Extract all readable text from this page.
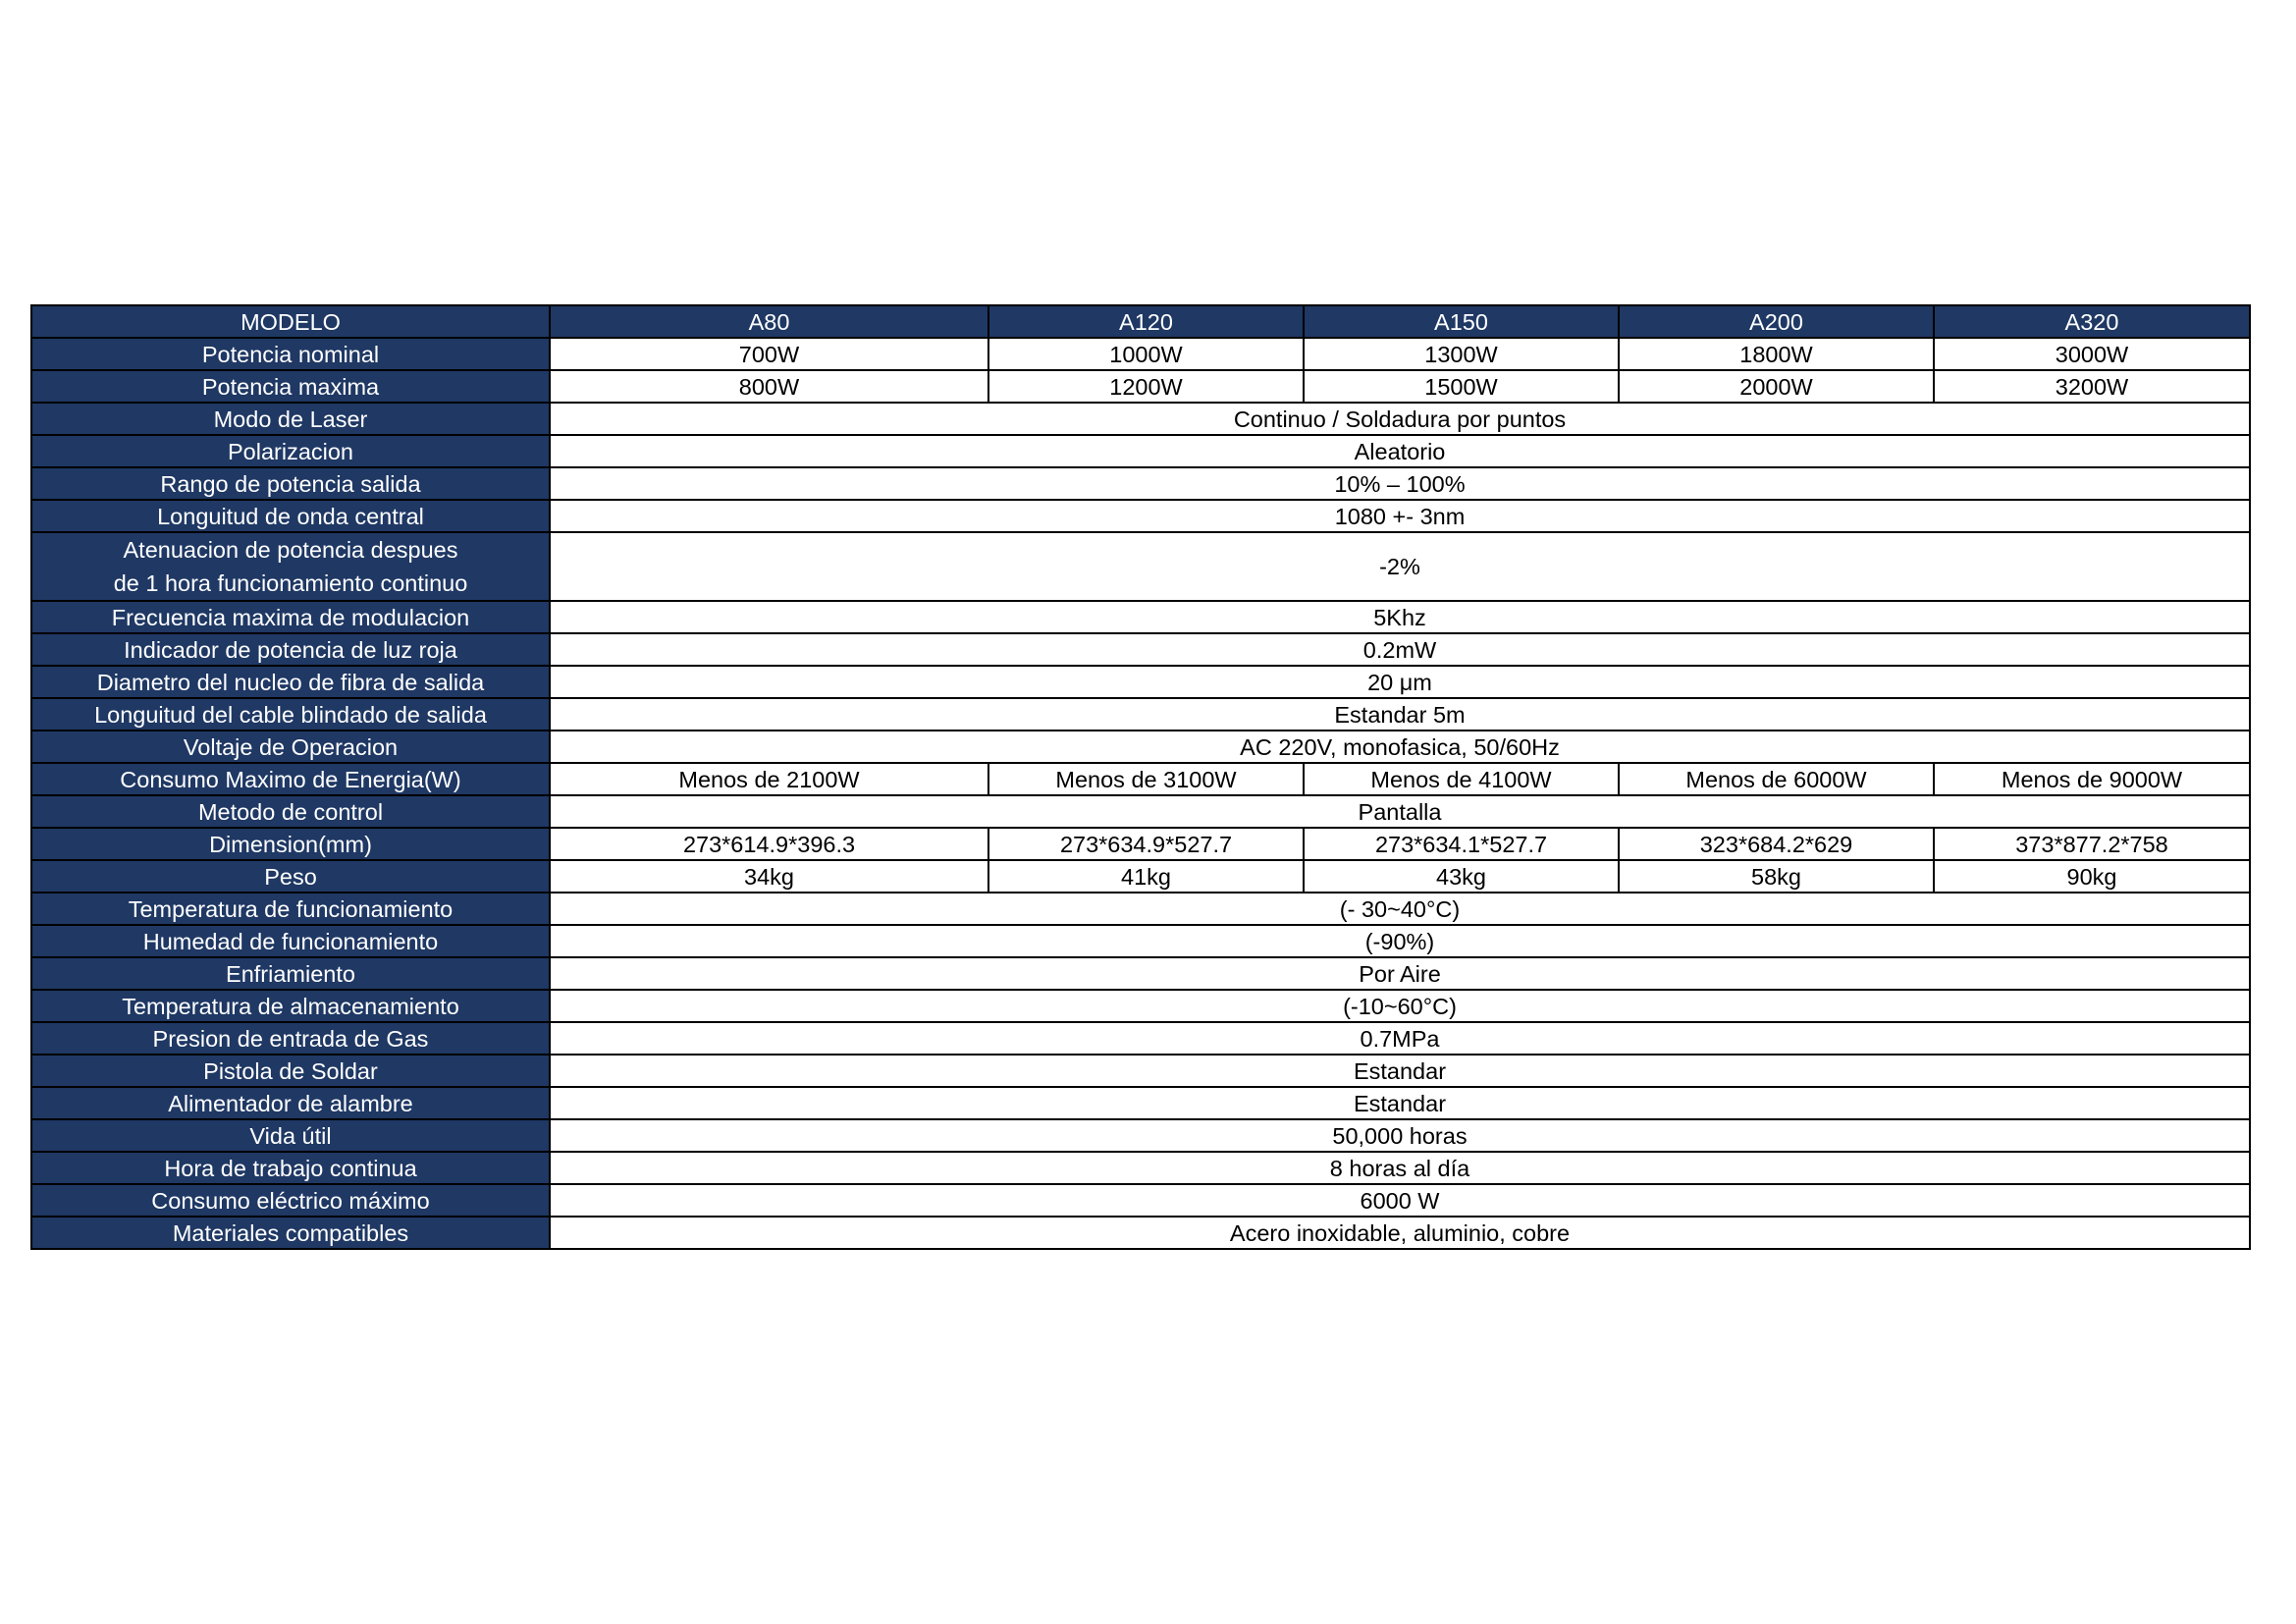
MODELO	A80	A120	A150	A200	A320
Potencia nominal	700W	1000W	1300W	1800W	3000W
Potencia maxima	800W	1200W	1500W	2000W	3200W
Modo de Laser	Continuo / Soldadura por puntos				
Polarizacion	Aleatorio				
Rango de potencia salida	10% – 100%				
Longuitud de onda central	1080 +- 3nm				

Atenuacion de potencia despues
de 1 hora funcionamiento continuo	-2%				
Frecuencia maxima de modulacion	5Khz				
Indicador de potencia de luz roja	0.2mW				
Diametro del nucleo de fibra de salida	20 μm				
Longuitud del cable blindado de salida	Estandar 5m				
Voltaje de Operacion	AC 220V, monofasica, 50/60Hz				
Consumo Maximo de Energia(W)	Menos de 2100W	Menos de 3100W	Menos de 4100W	Menos de 6000W	Menos de 9000W
Metodo de control	Pantalla				
Dimension(mm)	273*614.9*396.3	273*634.9*527.7	273*634.1*527.7	323*684.2*629	373*877.2*758
Peso	34kg	41kg	43kg	58kg	90kg
Temperatura de funcionamiento	(- 30~40°C)				
Humedad de funcionamiento	(-90%)				
Enfriamiento	Por Aire				
Temperatura de almacenamiento	(-10~60°C)				
Presion de entrada de Gas	0.7MPa				
Pistola de Soldar	Estandar				
Alimentador de alambre	Estandar				
Vida útil	50,000 horas				
Hora de trabajo continua	8 horas al día				
Consumo eléctrico máximo	6000 W				
Materiales compatibles	Acero inoxidable, aluminio, cobre				
